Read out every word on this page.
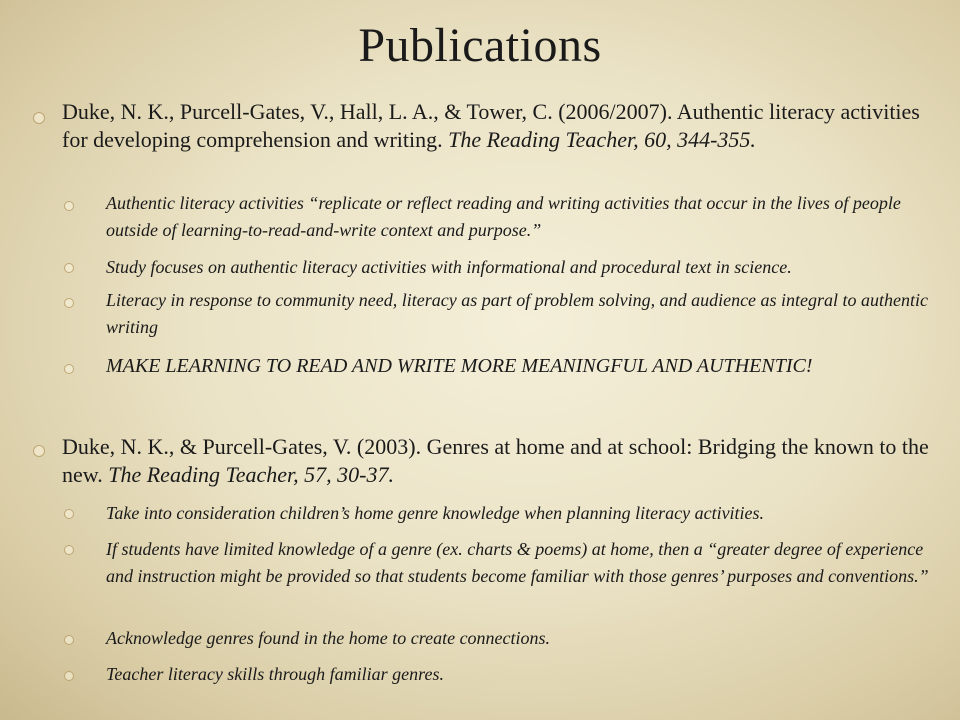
Publications
Duke, N. K., Purcell-Gates, V., Hall, L. A., & Tower, C. (2006/2007). Authentic literacy activities for developing comprehension and writing. The Reading Teacher, 60, 344-355.
Authentic literacy activities “replicate or reflect reading and writing activities that occur in the lives of people outside of learning-to-read-and-write context and purpose.”
Study focuses on authentic literacy activities with informational and procedural text in science.
Literacy in response to community need, literacy as part of problem solving, and audience as integral to authentic writing
MAKE LEARNING TO READ AND WRITE MORE MEANINGFUL AND AUTHENTIC!
Duke, N. K., & Purcell-Gates, V. (2003). Genres at home and at school: Bridging the known to the new. The Reading Teacher, 57, 30-37.
Take into consideration children’s home genre knowledge when planning literacy activities.
If students have limited knowledge of a genre (ex. charts & poems) at home, then a “greater degree of experience and instruction might be provided so that students become familiar with those genres’ purposes and conventions.”
Acknowledge genres found in the home to create connections.
Teacher literacy skills through familiar genres.
